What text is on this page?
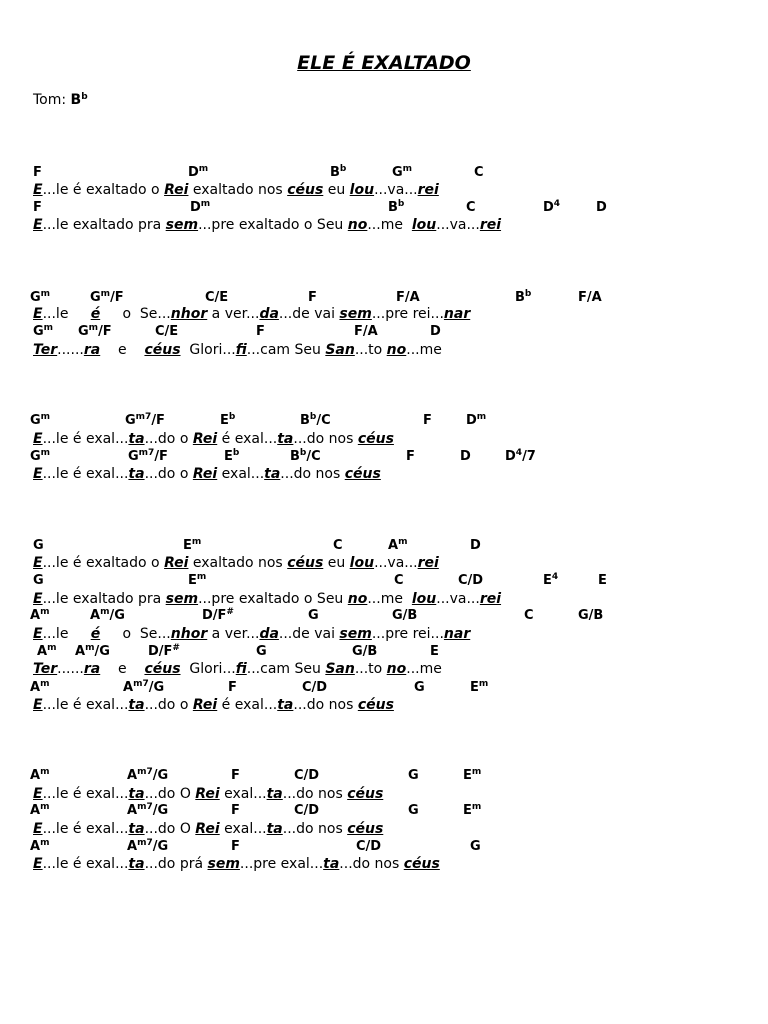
ELE É EXALTADO
Tom: $B^b$
F	$D^m$	$B^b$	$G^m$	C
E...le é exaltado o Rei exaltado nos céus eu lou...va...rei
F	$D^m$	$B^b$	C	$D^4$	D
E...le exaltado pra sem...pre exaltado o Seu no...me  lou...va...rei
$G^m$	$G^m/F$	C/E	F	F/A	$B^b$	F/A
E...le     é     o  Se...nhor a ver...da...de vai sem...pre rei...nar
$G^m$ $G^m/F$	C/E	F	F/A	D
Ter......ra    e    céus  Glori...fi...cam Seu San...to no...me
$G^m$	$G^{m7}/F$	$E^b$	$B^b/C$	F	$D^m$
E...le é exal...ta...do o Rei é exal...ta...do nos céus
$G^m$	$G^{m7}/F$	$E^b$	$B^b/C$	F	D	$D^4/7$
E...le é exal...ta...do o Rei exal...ta...do nos céus
G	$E^m$	C	$A^m$	D
E...le é exaltado o Rei exaltado nos céus eu lou...va...rei
G	$E^m$	C	C/D	$E^4$	E
E...le exaltado pra sem...pre exaltado o Seu no...me  lou...va...rei
$A^m$	$A^m/G$	D/F#	G	G/B	C	G/B
E...le     é     o  Se...nhor a ver...da...de vai sem...pre rei...nar
$A^m$ $A^m/G$	D/F#	G	G/B	E
Ter......ra    e    céus  Glori...fi...cam Seu San...to no...me
$A^m$	$A^{m7}/G$	F	C/D	G	$E^m$
E...le é exal...ta...do o Rei é exal...ta...do nos céus
$A^m$	$A^{m7}/G$	F	C/D	G	$E^m$
E...le é exal...ta...do O Rei exal...ta...do nos céus
$A^m$	$A^{m7}/G$	F	C/D	G	$E^m$
E...le é exal...ta...do O Rei exal...ta...do nos céus
$A^m$	$A^{m7}/G$	F	C/D	G
E...le é exal...ta...do prá sem...pre exal...ta...do nos céus
